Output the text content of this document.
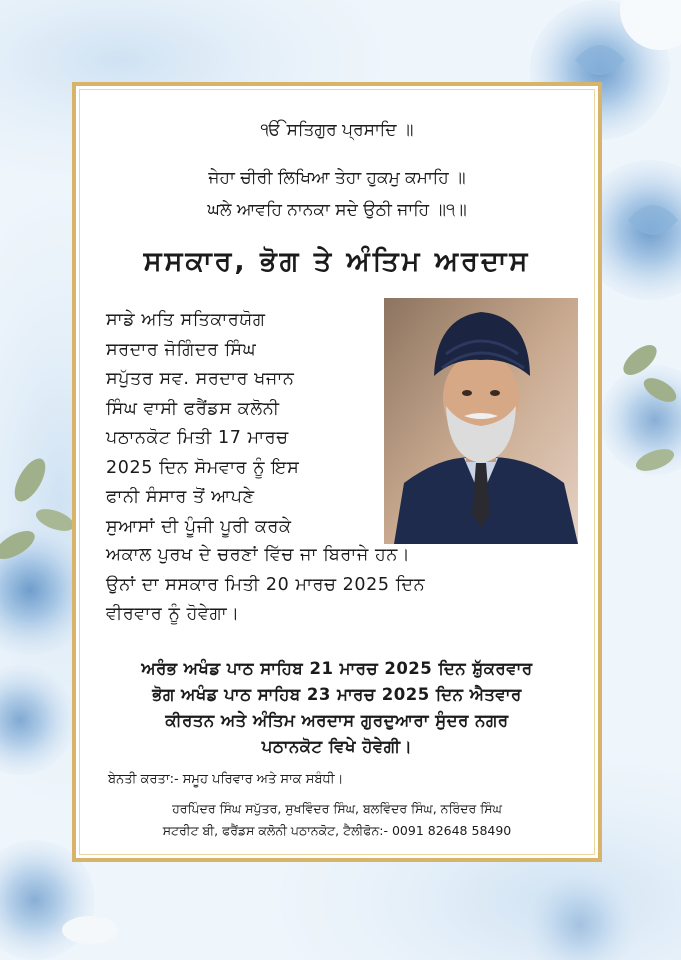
ੴ ਸਤਿਗੁਰ ਪ੍ਰਸਾਦਿ ॥
ਜੇਹਾ ਚੀਰੀ ਲਿਖਿਆ ਤੇਹਾ ਹੁਕਮੁ ਕਮਾਹਿ ॥
ਘਲੇ ਆਵਹਿ ਨਾਨਕਾ ਸਦੇ ਉਠੀ ਜਾਹਿ ॥੧॥
ਸਸਕਾਰ, ਭੋਗ ਤੇ ਅੰਤਿਮ ਅਰਦਾਸ
ਸਾਡੇ ਅਤਿ ਸਤਿਕਾਰਯੋਗ
ਸਰਦਾਰ ਜੋਗਿੰਦਰ ਸਿੰਘ
ਸਪੁੱਤਰ ਸਵ. ਸਰਦਾਰ ਖਜਾਨ
ਸਿੰਘ ਵਾਸੀ ਫਰੈਂਡਸ ਕਲੋਨੀ
ਪਠਾਨਕੋਟ ਮਿਤੀ 17 ਮਾਰਚ
2025 ਦਿਨ ਸੋਮਵਾਰ ਨੂੰ ਇਸ
ਫਾਨੀ ਸੰਸਾਰ ਤੋਂ ਆਪਣੇ
ਸੁਆਸਾਂ ਦੀ ਪੂੰਜੀ ਪੂਰੀ ਕਰਕੇ
ਅਕਾਲ ਪੁਰਖ ਦੇ ਚਰਣਾਂ ਵਿੱਚ ਜਾ ਬਿਰਾਜੇ ਹਨ।
ਉਨਾਂ ਦਾ ਸਸਕਾਰ ਮਿਤੀ 20 ਮਾਰਚ 2025 ਦਿਨ
ਵੀਰਵਾਰ ਨੂੰ ਹੋਵੇਗਾ।
ਅਰੰਭ ਅਖੰਡ ਪਾਠ ਸਾਹਿਬ 21 ਮਾਰਚ 2025 ਦਿਨ ਸ਼ੁੱਕਰਵਾਰ
ਭੋਗ ਅਖੰਡ ਪਾਠ ਸਾਹਿਬ 23 ਮਾਰਚ 2025 ਦਿਨ ਐਤਵਾਰ
ਕੀਰਤਨ ਅਤੇ ਅੰਤਿਮ ਅਰਦਾਸ ਗੁਰਦੁਆਰਾ ਸੁੰਦਰ ਨਗਰ
ਪਠਾਨਕੋਟ ਵਿਖੇ ਹੋਵੇਗੀ।
ਬੇਨਤੀ ਕਰਤਾ:- ਸਮੂਹ ਪਰਿਵਾਰ ਅਤੇ ਸਾਕ ਸਬੰਧੀ।
ਹਰਪਿੰਦਰ ਸਿੰਘ ਸਪੁੱਤਰ, ਸੁਖਵਿੰਦਰ ਸਿੰਘ, ਬਲਵਿੰਦਰ ਸਿੰਘ, ਨਰਿੰਦਰ ਸਿੰਘ
ਸਟਰੀਟ ਬੀ, ਫਰੈਂਡਸ ਕਲੋਨੀ ਪਠਾਨਕੋਟ, ਟੈਲੀਫੋਨ:- 0091 82648 58490
